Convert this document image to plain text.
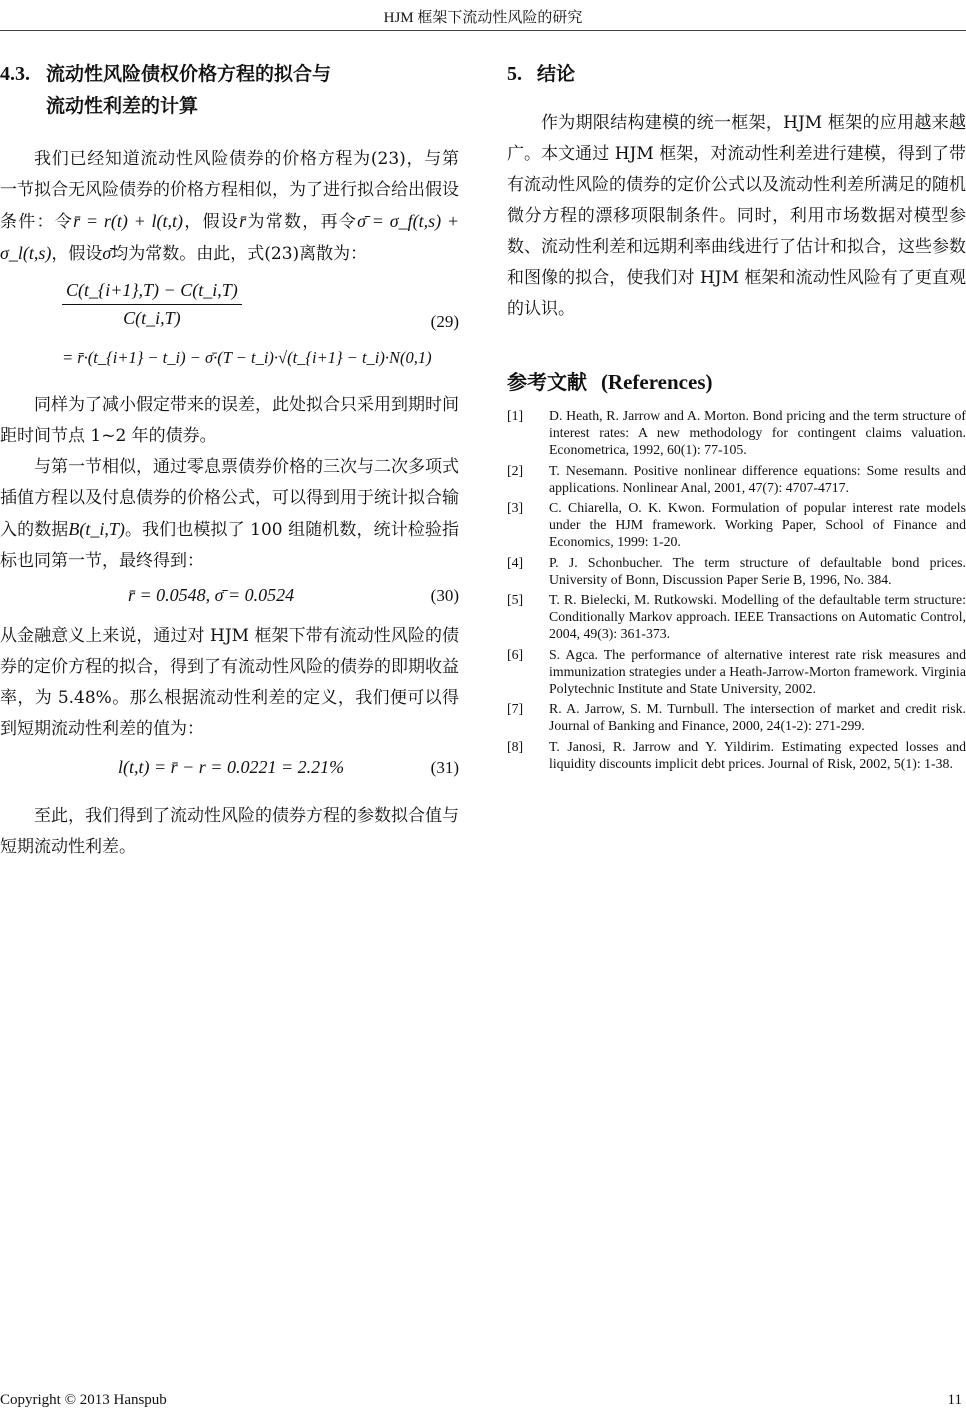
HJM 框架下流动性风险的研究
4.3. 流动性风险债权价格方程的拟合与
流动性利差的计算

我们已经知道流动性风险债券的价格方程为(23)，与第一节拟合无风险债券的价格方程相似，为了进行拟合给出假设条件：令r̄ = r(t) + l(t,t)，假设r̄为常数，再令σ̄ = σ_f(t,s) + σ_l(t,s)，假设σ̄均为常数。由此，式(23)离散为：

$\frac{C(t\_\{i+1\},T) - C(t\_i,T)}{C(t\_i,T)}$	(29)
= r̄·(t_{i+1} − t_i) − σ̄·(T − t_i)·√(t_{i+1} − t_i)·N(0,1)

同样为了减小假定带来的误差，此处拟合只采用到期时间距时间节点 1~2 年的债券。

与第一节相似，通过零息票债券价格的三次与二次多项式插值方程以及付息债券的价格公式，可以得到用于统计拟合输入的数据B(t_i,T)。我们也模拟了 100 组随机数，统计检验指标也同第一节，最终得到：

r̄ = 0.0548, σ̄ = 0.0524	(30)

从金融意义上来说，通过对 HJM 框架下带有流动性风险的债券的定价方程的拟合，得到了有流动性风险的债券的即期收益率，为 5.48%。那么根据流动性利差的定义，我们便可以得到短期流动性利差的值为：

l(t,t) = r̄ − r = 0.0221 = 2.21%	(31)

至此，我们得到了流动性风险的债券方程的参数拟合值与短期流动性利差。

5. 结论

作为期限结构建模的统一框架，HJM 框架的应用越来越广。本文通过 HJM 框架，对流动性利差进行建模，得到了带有流动性风险的债券的定价公式以及流动性利差所满足的随机微分方程的漂移项限制条件。同时，利用市场数据对模型参数、流动性利差和远期利率曲线进行了估计和拟合，这些参数和图像的拟合，使我们对 HJM 框架和流动性风险有了更直观的认识。

参考文献 (References)
[1] D. Heath, R. Jarrow and A. Morton. Bond pricing and the term structure of interest rates: A new methodology for contingent claims valuation. Econometrica, 1992, 60(1): 77-105.
[2] T. Nesemann. Positive nonlinear difference equations: Some results and applications. Nonlinear Anal, 2001, 47(7): 4707-4717.
[3] C. Chiarella, O. K. Kwon. Formulation of popular interest rate models under the HJM framework. Working Paper, School of Finance and Economics, 1999: 1-20.
[4] P. J. Schonbucher. The term structure of defaultable bond prices. University of Bonn, Discussion Paper Serie B, 1996, No. 384.
[5] T. R. Bielecki, M. Rutkowski. Modelling of the defaultable term structure: Conditionally Markov approach. IEEE Transactions on Automatic Control, 2004, 49(3): 361-373.
[6] S. Agca. The performance of alternative interest rate risk measures and immunization strategies under a Heath-Jarrow-Morton framework. Virginia Polytechnic Institute and State University, 2002.
[7] R. A. Jarrow, S. M. Turnbull. The intersection of market and credit risk. Journal of Banking and Finance, 2000, 24(1-2): 271-299.
[8] T. Janosi, R. Jarrow and Y. Yildirim. Estimating expected losses and liquidity discounts implicit debt prices. Journal of Risk, 2002, 5(1): 1-38.
Copyright © 2013 Hanspub	11
